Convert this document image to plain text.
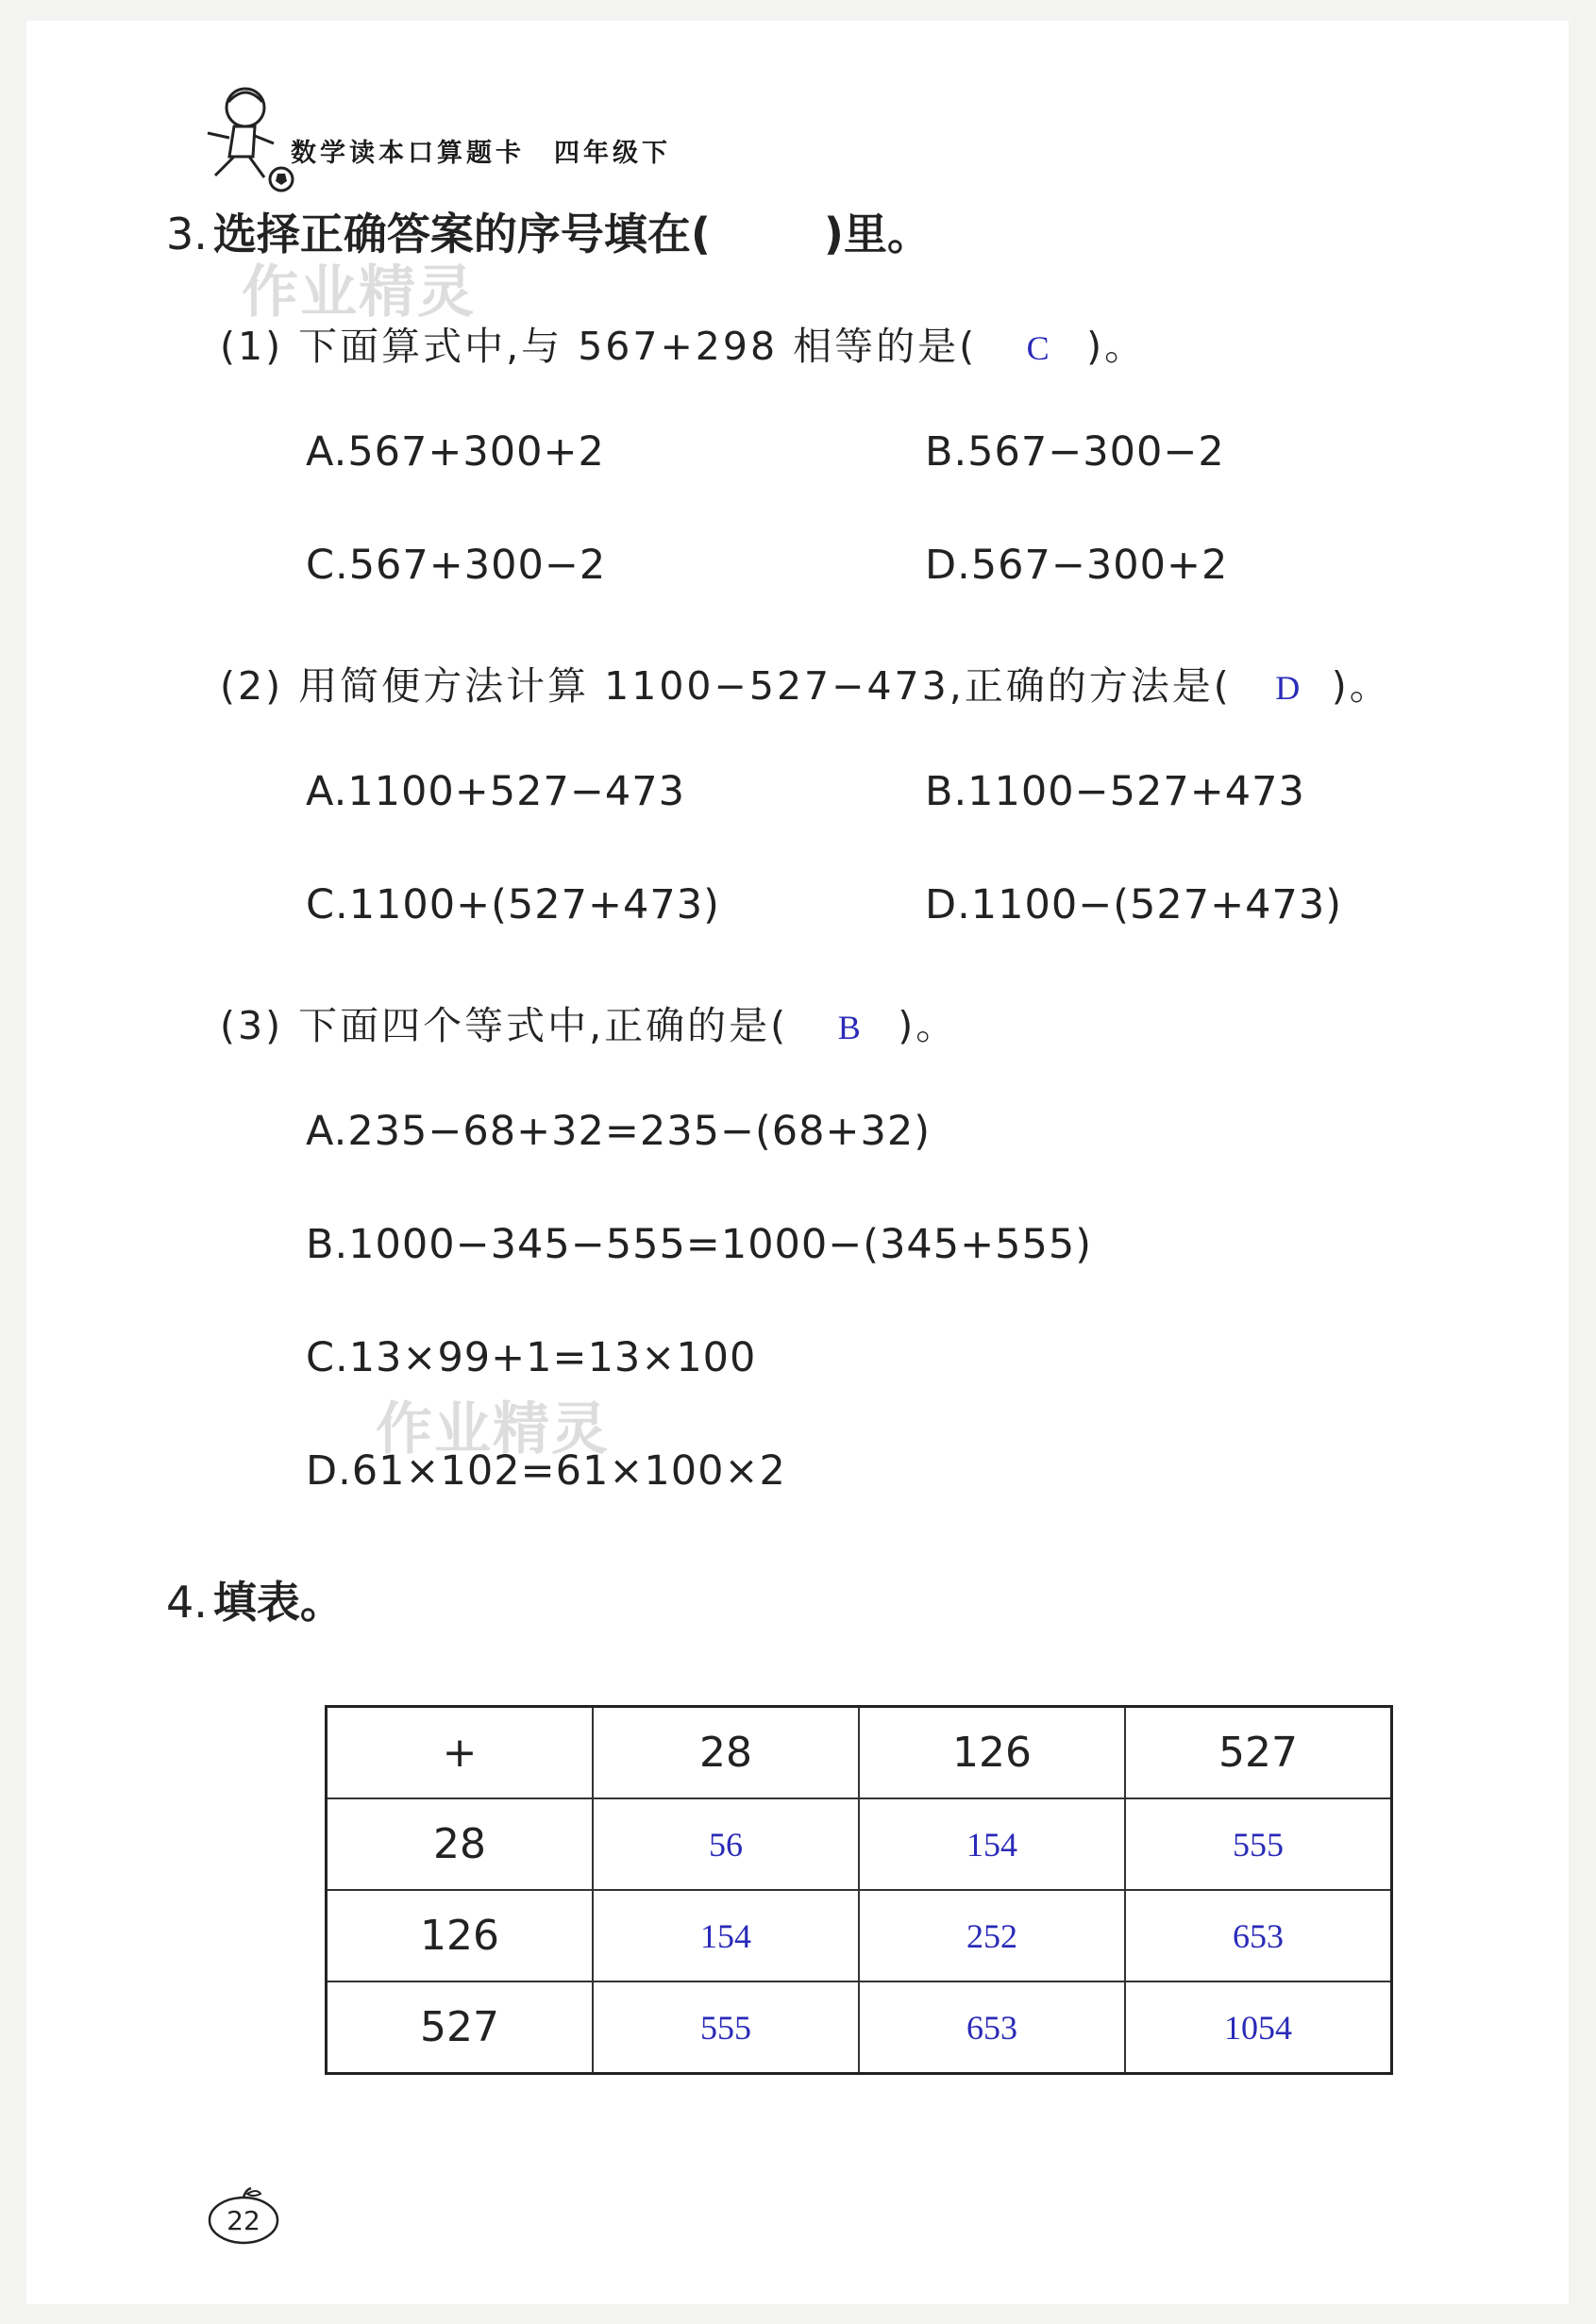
数学读本口算题卡　四年级下
3. 选择正确答案的序号填在(	)里。
作业精灵
(1) 下面算式中,与 567+298 相等的是( C )。
A.567+300+2	B.567−300−2
C.567+300−2	D.567−300+2
(2) 用简便方法计算 1100−527−473,正确的方法是( D )。
A.1100+527−473	B.1100−527+473
C.1100+(527+473)	D.1100−(527+473)
(3) 下面四个等式中,正确的是( B )。
A.235−68+32=235−(68+32)
B.1000−345−555=1000−(345+555)
C.13×99+1=13×100
D.61×102=61×100×2
作业精灵
4. 填表。
+	28	126	527
28	56	154	555
126	154	252	653
527	555	653	1054
22
